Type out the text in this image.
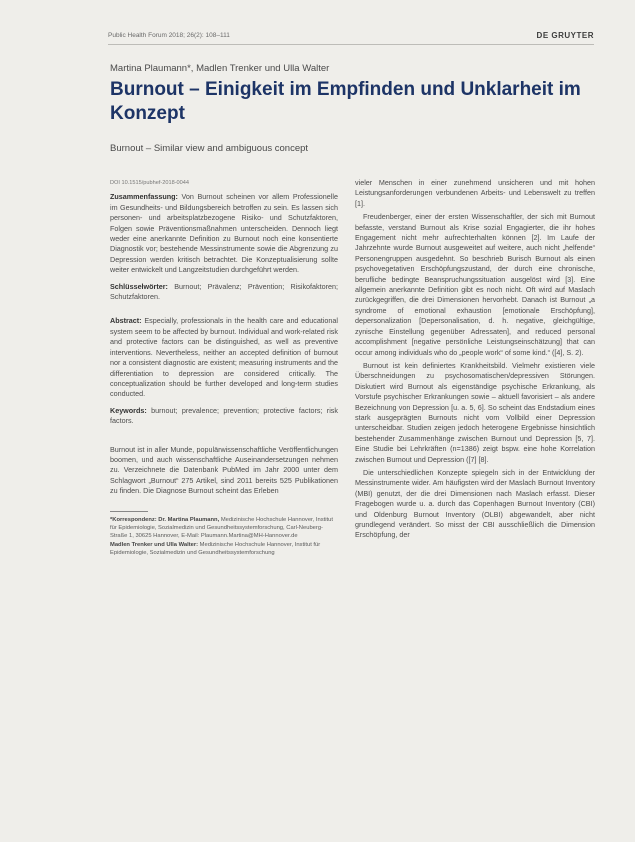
Public Health Forum 2018; 26(2): 108–111	DE GRUYTER
Martina Plaumann*, Madlen Trenker und Ulla Walter
Burnout – Einigkeit im Empfinden und Unklarheit im Konzept
Burnout – Similar view and ambiguous concept
DOI 10.1515/pubhef-2018-0044

Zusammenfassung: Von Burnout scheinen vor allem Professionelle im Gesundheits- und Bildungsbereich betroffen zu sein. Es lassen sich personen- und arbeitsplatzbezogene Risiko- und Schutzfaktoren, Folgen sowie Präventionsmaßnahmen unterscheiden. Dennoch liegt weder eine anerkannte Definition zu Burnout noch eine konsentierte Diagnostik vor; bestehende Messinstrumente sowie die Abgrenzung zu Depression werden kritisch betrachtet. Die Konzeptualisierung sollte weiter entwickelt und Langzeitstudien durchgeführt werden.

Schlüsselwörter: Burnout; Prävalenz; Prävention; Risikofaktoren; Schutzfaktoren.

Abstract: Especially, professionals in the health care and educational system seem to be affected by burnout. Individual and work-related risk and protective factors can be distinguished, as well as preventive interventions. Nevertheless, neither an accepted definition of burnout nor a consistent diagnostic are existent; measuring instruments and the differentiation to depression are considered critically. The conceptualization should be further developed and long-term studies conducted.

Keywords: burnout; prevalence; prevention; protective factors; risk factors.

Burnout ist in aller Munde, populärwissenschaftliche Veröffentlichungen boomen, und auch wissenschaftliche Auseinandersetzungen nehmen zu. Verzeichnete die Datenbank PubMed im Jahr 2000 unter dem Schlagwort „Burnout“ 275 Artikel, sind 2011 bereits 525 Publikationen zu finden. Die Diagnose Burnout scheint das Erleben

*Korrespondenz: Dr. Martina Plaumann, Medizinische Hochschule Hannover, Institut für Epidemiologie, Sozialmedizin und Gesundheitssystemforschung, Carl-Neuberg-Straße 1, 30625 Hannover, E-Mail: Plaumann.Martina@MH-Hannover.de
Madlen Trenker und Ulla Walter: Medizinische Hochschule Hannover, Institut für Epidemiologie, Sozialmedizin und Gesundheitssystemforschung

vieler Menschen in einer zunehmend unsicheren und mit hohen Leistungsanforderungen verbundenen Arbeits- und Lebenswelt zu treffen [1].

Freudenberger, einer der ersten Wissenschaftler, der sich mit Burnout befasste, verstand Burnout als Krise sozial Engagierter, die ihr hohes Engagement nicht mehr aufrechterhalten können [2]. Im Laufe der Jahrzehnte wurde Burnout ausgeweitet auf weitere, auch nicht „helfende“ Personengruppen ausgedehnt. So beschrieb Burisch Burnout als einen psychovegetativen Erschöpfungszustand, der durch eine chronische, berufliche bedingte Beanspruchungssituation ausgelöst wird [3]. Eine allgemein anerkannte Definition gibt es noch nicht. Oft wird auf Maslach zurückgegriffen, die drei Dimensionen hervorhebt. Danach ist Burnout „a syndrome of emotional exhaustion [emotionale Erschöpfung], depersonalization [Depersonalisation, d. h. negative, gleichgültige, zynische Einstellung gegenüber Adressaten], and reduced personal accomplishment [negative persönliche Leistungseinschätzung] that can occur among individuals who do „people work“ of some kind.“ ([4], S. 2).

Burnout ist kein definiertes Krankheitsbild. Vielmehr existieren viele Überschneidungen zu psychosomatischen/depressiven Störungen. Diskutiert wird Burnout als eigenständige psychische Erkrankung, als Vorstufe psychischer Erkrankungen sowie – aktuell favorisiert – als andere Bezeichnung von Depression [u. a. 5, 6]. So scheint das Endstadium eines stark ausgeprägten Burnouts nicht vom Vollbild einer Depression unterscheidbar. Studien zeigen jedoch heterogene Ergebnisse hinsichtlich bestehender Zusammenhänge zwischen Burnout und Depression [5, 7]. Eine Studie bei Lehrkräften (n=1386) zeigt bspw. eine hohe Korrelation zwischen Burnout und Depression ([7] [8].

Die unterschiedlichen Konzepte spiegeln sich in der Entwicklung der Messinstrumente wider. Am häufigsten wird der Maslach Burnout Inventory (MBI) genutzt, der die drei Dimensionen nach Maslach erfasst. Dieser Fragebogen wurde u. a. durch das Copenhagen Burnout Inventory (CBI) und Oldenburg Burnout Inventory (OLBI) abgewandelt, aber nicht grundlegend verändert. So misst der CBI ausschließlich die Dimension Erschöpfung, der
